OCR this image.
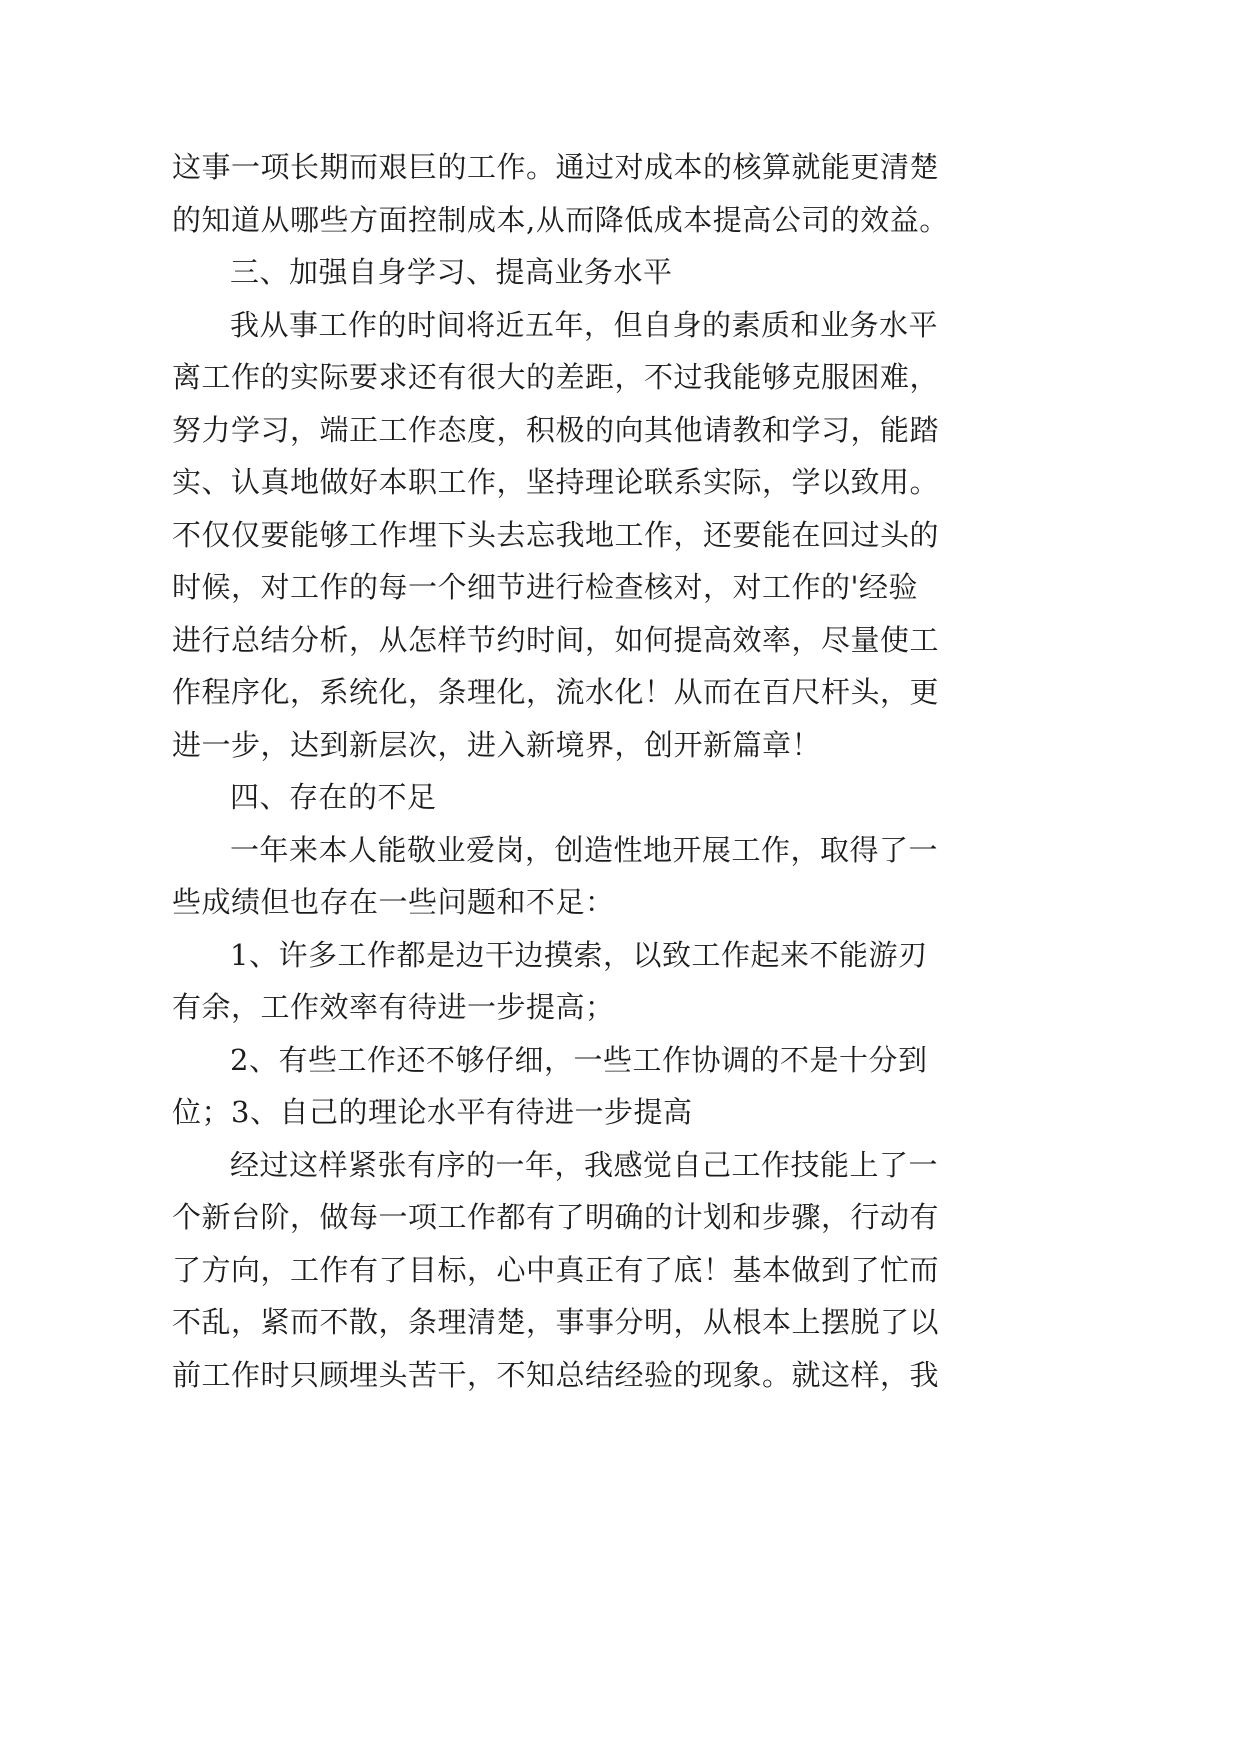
这事一项长期而艰巨的工作。通过对成本的核算就能更清楚
的知道从哪些方面控制成本,从而降低成本提高公司的效益。
三、加强自身学习、提高业务水平
我从事工作的时间将近五年，但自身的素质和业务水平
离工作的实际要求还有很大的差距，不过我能够克服困难，
努力学习，端正工作态度，积极的向其他请教和学习，能踏
实、认真地做好本职工作，坚持理论联系实际，学以致用。
不仅仅要能够工作埋下头去忘我地工作，还要能在回过头的
时候，对工作的每一个细节进行检查核对，对工作的'经验
进行总结分析，从怎样节约时间，如何提高效率，尽量使工
作程序化，系统化，条理化，流水化！从而在百尺杆头，更
进一步，达到新层次，进入新境界，创开新篇章！
四、存在的不足
一年来本人能敬业爱岗，创造性地开展工作，取得了一
些成绩但也存在一些问题和不足：
1、许多工作都是边干边摸索，以致工作起来不能游刃
有余，工作效率有待进一步提高；
2、有些工作还不够仔细，一些工作协调的不是十分到
位；3、自己的理论水平有待进一步提高
经过这样紧张有序的一年，我感觉自己工作技能上了一
个新台阶，做每一项工作都有了明确的计划和步骤，行动有
了方向，工作有了目标，心中真正有了底！基本做到了忙而
不乱，紧而不散，条理清楚，事事分明，从根本上摆脱了以
前工作时只顾埋头苦干，不知总结经验的现象。就这样，我
